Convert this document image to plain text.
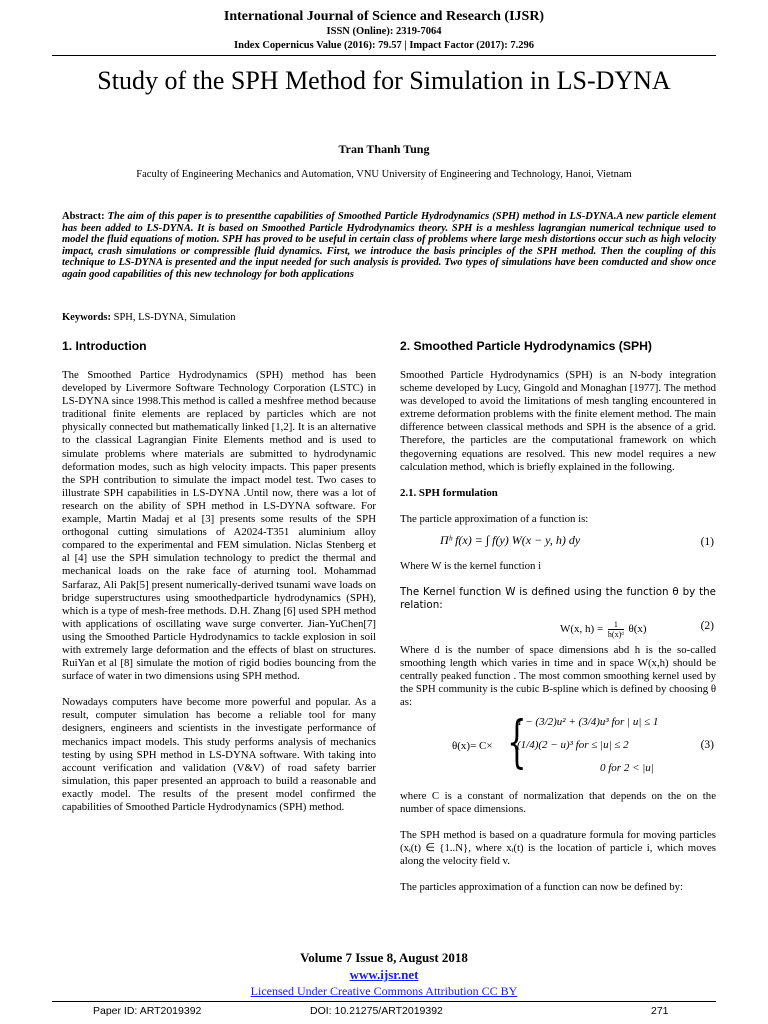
International Journal of Science and Research (IJSR)
ISSN (Online): 2319-7064
Index Copernicus Value (2016): 79.57 | Impact Factor (2017): 7.296
Study of the SPH Method for Simulation in LS-DYNA
Tran Thanh Tung
Faculty of Engineering Mechanics and Automation, VNU University of Engineering and Technology, Hanoi, Vietnam
Abstract: The aim of this paper is to presentthe capabilities of Smoothed Particle Hydrodynamics (SPH) method in LS-DYNA.A new particle element has been added to LS-DYNA. It is based on Smoothed Particle Hydrodynamics theory. SPH is a meshless lagrangian numerical technique used to model the fluid equations of motion. SPH has proved to be useful in certain class of problems where large mesh distortions occur such as high velocity impact, crash simulations or compressible fluid dynamics. First, we introduce the basis principles of the SPH method. Then the coupling of this technique to LS-DYNA is presented and the input needed for such analysis is provided. Two types of simulations have been comducted and show once again good capabilities of this new technology for both applications
Keywords: SPH, LS-DYNA, Simulation
1. Introduction

The Smoothed Partice Hydrodynamics (SPH) method has been developed by Livermore Software Technology Corporation (LSTC) in LS-DYNA since 1998.This method is called a meshfree method because traditional finite elements are replaced by particles which are not physically connected but mathematically linked [1,2]. It is an alternative to the classical Lagrangian Finite Elements method and is used to simulate problems where materials are submitted to hydrodynamic deformation modes, such as high velocity impacts. This paper presents the SPH contribution to simulate the impact model test. Two cases to illustrate SPH capabilities in LS-DYNA .Until now, there was a lot of research on the ability of SPH method in LS-DYNA software. For example, Martin Madaj et al [3] presents some results of the SPH orthogonal cutting simulations of A2024-T351 aluminium alloy compared to the experimental and FEM simulation. Niclas Stenberg et al [4] use the SPH simulation technology to predict the thermal and mechanical loads on the rake face of aturning tool. Mohammad Sarfaraz, Ali Pak[5] present numerically-derived tsunami wave loads on bridge superstructures using smoothedparticle hydrodynamics (SPH), which is a type of mesh-free methods. D.H. Zhang [6] used SPH method with applications of oscillating wave surge converter. Jian-YuChen[7] using the Smoothed Particle Hydrodynamics to tackle explosion in soil with extremely large deformation and the effects of blast on structures. RuiYan et al [8] simulate the motion of rigid bodies bouncing from the surface of water in two dimensions using SPH method.

Nowadays computers have become more powerful and popular. As a result, computer simulation has become a reliable tool for many designers, engineers and scientists in the investigate performance of mechanics impact models. This study performs analysis of mechanics testing by using SPH method in LS-DYNA software. With taking into account verification and validation (V&V) of road safety barrier simulation, this paper presented an approach to build a reasonable and exactly model. The results of the present model confirmed the capabilities of Smoothed Particle Hydrodynamics (SPH) method.

2. Smoothed Particle Hydrodynamics (SPH)

Smoothed Particle Hydrodynamics (SPH) is an N-body integration scheme developed by Lucy, Gingold and Monaghan [1977]. The method was developed to avoid the limitations of mesh tangling encountered in extreme deformation problems with the finite element method. The main difference between classical methods and SPH is the absence of a grid. Therefore, the particles are the computational framework on which thegoverning equations are resolved. This new model requires a new calculation method, which is briefly explained in the following.

2.1. SPH formulation

The particle approximation of a function is:

Πʰ f(x) = ∫ f(y) W(x − y, h) dy	(1)

Where W is the kernel function i

The Kernel function W is defined using the function θ by the relation:

W(x, $h) = \frac{1}{\text{h(x)ᵈ}} \theta(x)$	(2)

Where d is the number of space dimensions abd h is the so-called smoothing length which varies in time and in space W(x,h) should be centrally peaked function . The most common smoothing kernel used by the SPH community is the cubic B-spline which is defined by choosing θ as:

θ(x)= C× {
1 − (3/2)u² + (3/4)u³ for | u| ≤ 1
(1/4)(2 − u)³ for ≤ |u| ≤ 2
0 for 2 < |u|
(3)

where C is a constant of normalization that depends on the on the number of space dimensions.

The SPH method is based on a quadrature formula for moving particles (xᵢ(t) ∈ {1..N}, where xᵢ(t) is the location of particle i, which moves along the velocity field v.

The particles approximation of a function can now be defined by:

Volume 7 Issue 8, August 2018
www.ijsr.net
Licensed Under Creative Commons Attribution CC BY
Paper ID: ART2019392	DOI: 10.21275/ART2019392	271
